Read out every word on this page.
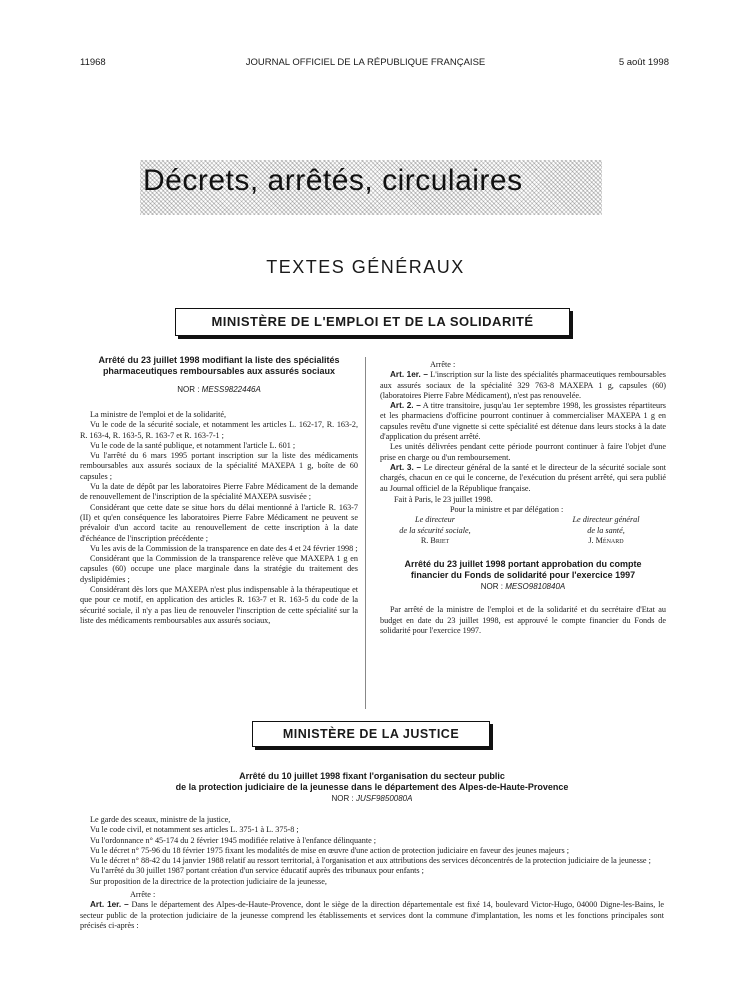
11968	JOURNAL OFFICIEL DE LA RÉPUBLIQUE FRANÇAISE	5 août 1998
Décrets, arrêtés, circulaires
TEXTES GÉNÉRAUX
MINISTÈRE DE L'EMPLOI ET DE LA SOLIDARITÉ
Arrêté du 23 juillet 1998 modifiant la liste des spécialités
pharmaceutiques remboursables aux assurés sociaux
NOR : MESS9822446A

La ministre de l'emploi et de la solidarité,

Vu le code de la sécurité sociale, et notamment les articles L. 162-17, R. 163-2, R. 163-4, R. 163-5, R. 163-7 et R. 163-7-1 ;

Vu le code de la santé publique, et notamment l'article L. 601 ;

Vu l'arrêté du 6 mars 1995 portant inscription sur la liste des médicaments remboursables aux assurés sociaux de la spécialité MAXEPA 1 g, boîte de 60 capsules ;

Vu la date de dépôt par les laboratoires Pierre Fabre Médicament de la demande de renouvellement de l'inscription de la spécialité MAXEPA susvisée ;

Considérant que cette date se situe hors du délai mentionné à l'article R. 163-7 (II) et qu'en conséquence les laboratoires Pierre Fabre Médicament ne peuvent se prévaloir d'un accord tacite au renouvellement de cette inscription à la date d'échéance de l'inscription précédente ;

Vu les avis de la Commission de la transparence en date des 4 et 24 février 1998 ;

Considérant que la Commission de la transparence relève que MAXEPA 1 g en capsules (60) occupe une place marginale dans la stratégie du traitement des dyslipidémies ;

Considérant dès lors que MAXEPA n'est plus indispensable à la thérapeutique et que pour ce motif, en application des articles R. 163-7 et R. 163-5 du code de la sécurité sociale, il n'y a pas lieu de renouveler l'inscription de cette spécialité sur la liste des médicaments remboursables aux assurés sociaux,

Arrête :

Art. 1er. – L'inscription sur la liste des spécialités pharmaceutiques remboursables aux assurés sociaux de la spécialité 329 763-8 MAXEPA 1 g, capsules (60) (laboratoires Pierre Fabre Médicament), n'est pas renouvelée.

Art. 2. – A titre transitoire, jusqu'au 1er septembre 1998, les grossistes répartiteurs et les pharmaciens d'officine pourront continuer à commercialiser MAXEPA 1 g en capsules revêtu d'une vignette si cette spécialité est détenue dans leurs stocks à la date d'application du présent arrêté.

Les unités délivrées pendant cette période pourront continuer à faire l'objet d'une prise en charge ou d'un remboursement.

Art. 3. – Le directeur général de la santé et le directeur de la sécurité sociale sont chargés, chacun en ce qui le concerne, de l'exécution du présent arrêté, qui sera publié au Journal officiel de la République française.

Fait à Paris, le 23 juillet 1998.
Pour la ministre et par délégation :
Le directeur
de la sécurité sociale,
R. Briet
Le directeur général
de la santé,
J. Ménard
Arrêté du 23 juillet 1998 portant approbation du compte
financier du Fonds de solidarité pour l'exercice 1997
NOR : MESO9810840A

Par arrêté de la ministre de l'emploi et de la solidarité et du secrétaire d'Etat au budget en date du 23 juillet 1998, est approuvé le compte financier du Fonds de solidarité pour l'exercice 1997.

MINISTÈRE DE LA JUSTICE
Arrêté du 10 juillet 1998 fixant l'organisation du secteur public
de la protection judiciaire de la jeunesse dans le département des Alpes-de-Haute-Provence
NOR : JUSF9850080A

Le garde des sceaux, ministre de la justice,

Vu le code civil, et notamment ses articles L. 375-1 à L. 375-8 ;

Vu l'ordonnance n° 45-174 du 2 février 1945 modifiée relative à l'enfance délinquante ;

Vu le décret n° 75-96 du 18 février 1975 fixant les modalités de mise en œuvre d'une action de protection judiciaire en faveur des jeunes majeurs ;

Vu le décret n° 88-42 du 14 janvier 1988 relatif au ressort territorial, à l'organisation et aux attributions des services déconcentrés de la protection judiciaire de la jeunesse ;

Vu l'arrêté du 30 juillet 1987 portant création d'un service éducatif auprès des tribunaux pour enfants ;

Sur proposition de la directrice de la protection judiciaire de la jeunesse,

Arrête :

Art. 1er. – Dans le département des Alpes-de-Haute-Provence, dont le siège de la direction départementale est fixé 14, boulevard Victor-Hugo, 04000 Digne-les-Bains, le secteur public de la protection judiciaire de la jeunesse comprend les établissements et services dont la commune d'implantation, les noms et les fonctions principales sont précisés ci-après :
